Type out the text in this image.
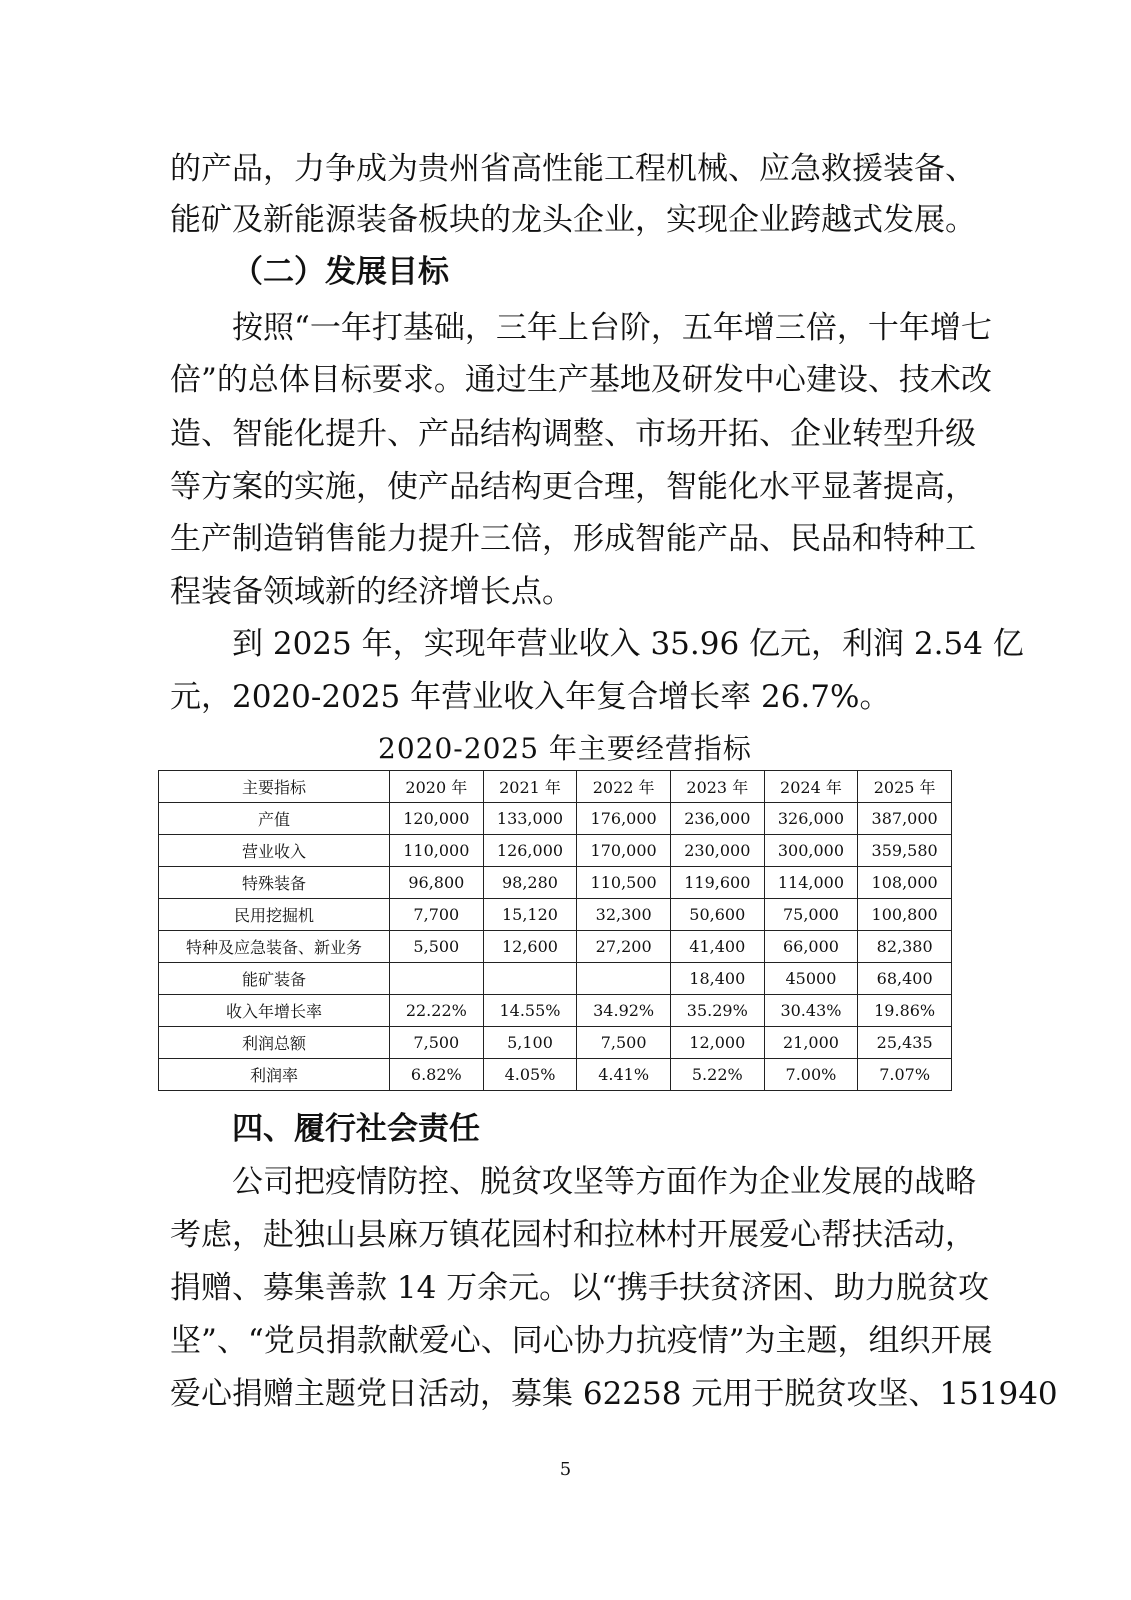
的产品，力争成为贵州省高性能工程机械、应急救援装备、
能矿及新能源装备板块的龙头企业，实现企业跨越式发展。
（二）发展目标
按照“一年打基础，三年上台阶，五年增三倍，十年增七
倍”的总体目标要求。通过生产基地及研发中心建设、技术改
造、智能化提升、产品结构调整、市场开拓、企业转型升级
等方案的实施，使产品结构更合理，智能化水平显著提高，
生产制造销售能力提升三倍，形成智能产品、民品和特种工
程装备领域新的经济增长点。
到 2025 年，实现年营业收入 35.96 亿元，利润 2.54 亿
元，2020-2025 年营业收入年复合增长率 26.7%。
2020-2025 年主要经营指标
主要指标	2020 年	2021 年	2022 年	2023 年	2024 年	2025 年
产值	120,000	133,000	176,000	236,000	326,000	387,000
营业收入	110,000	126,000	170,000	230,000	300,000	359,580
特殊装备	96,800	98,280	110,500	119,600	114,000	108,000
民用挖掘机	7,700	15,120	32,300	50,600	75,000	100,800
特种及应急装备、新业务	5,500	12,600	27,200	41,400	66,000	82,380
能矿装备				18,400	45000	68,400
收入年增长率	22.22%	14.55%	34.92%	35.29%	30.43%	19.86%
利润总额	7,500	5,100	7,500	12,000	21,000	25,435
利润率	6.82%	4.05%	4.41%	5.22%	7.00%	7.07%
四、履行社会责任
公司把疫情防控、脱贫攻坚等方面作为企业发展的战略
考虑，赴独山县麻万镇花园村和拉林村开展爱心帮扶活动，
捐赠、募集善款 14 万余元。以“携手扶贫济困、助力脱贫攻
坚”、“党员捐款献爱心、同心协力抗疫情”为主题，组织开展
爱心捐赠主题党日活动，募集 62258 元用于脱贫攻坚、151940
5
